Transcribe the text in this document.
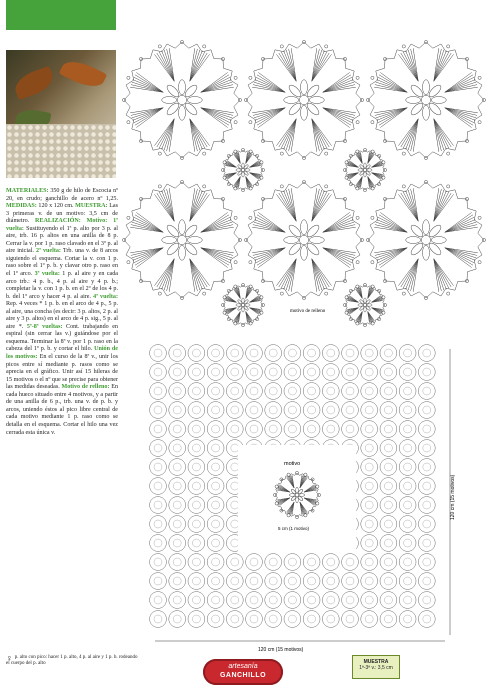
MATERIALES: 350 g de hilo de Escocia nº 20, en crudo; ganchillo de acero nº 1,25. MEDIDAS: 120 x 120 cm. MUESTRA: Las 3 primeras v. de un motivo: 3,5 cm de diámetro. REALIZACIÓN: Motivo: 1ª vuelta: Sustituyendo el 1ª p. alto por 3 p. al aire, trb. 16 p. altos en una anilla de 8 p. Cerrar la v. por 1 p. raso clavado en el 3º p. al aire inicial. 2ª vuelta: Trb. una v. de 8 arcos siguiendo el esquema. Cortar la v. con 1 p. raso sobre el 1º p. b. y clavar otro p. raso en el 1º arco. 3ª vuelta: 1 p. al aire y en cada arco trb.: 4 p. b., 4 p. al aire y 4 p. b.; completar la v. con 1 p. b. en el 2º de los 4 p. b. del 1º arco y hacer 4 p. al aire. 4ª vuelta: Rep. 4 veces * 1 p. b. en el arco de 4 p., 5 p. al aire, una concha (es decir: 3 p. altos, 2 p. al aire y 3 p. altos) en el arco de 4 p. sig., 5 p. al aire *. 5ª-8ª vueltas: Cont. trabajando en espiral (sin cerrar las v.) guiándose por el esquema. Terminar la 8ª v. por 1 p. raso en la cabeza del 1º p. b. y cortar el hilo. Unión de los motivos: En el curso de la 8ª v., unir los picos entre sí mediante p. rasos como se aprecia en el gráfico. Unir así 15 hileras de 15 motivos o el nº que se precise para obtener las medidas deseadas. Motivo de relleno: En cada hueco situado entre 4 motivos, y a partir de una anilla de 6 p., trb. una v. de p. b. y arcos, uniendo éstos al pico libre central de cada motivo mediante 1 p. raso como se detalla en el esquema. Cortar el hilo una vez cerrada esta única v.
motivo de relleno
motivo
5 cm (1 motivo)
120 cm (15 motivos)
120 cm (15 motivos)
♀ p. alto con pico: hacer 1 p. alto, 4 p. al aire y 1 p. b. rodeando el cuerpo del p. alto	artesanía
GANCHILLO
MUESTRA
1ª-3ª v.: 3,5 cm
